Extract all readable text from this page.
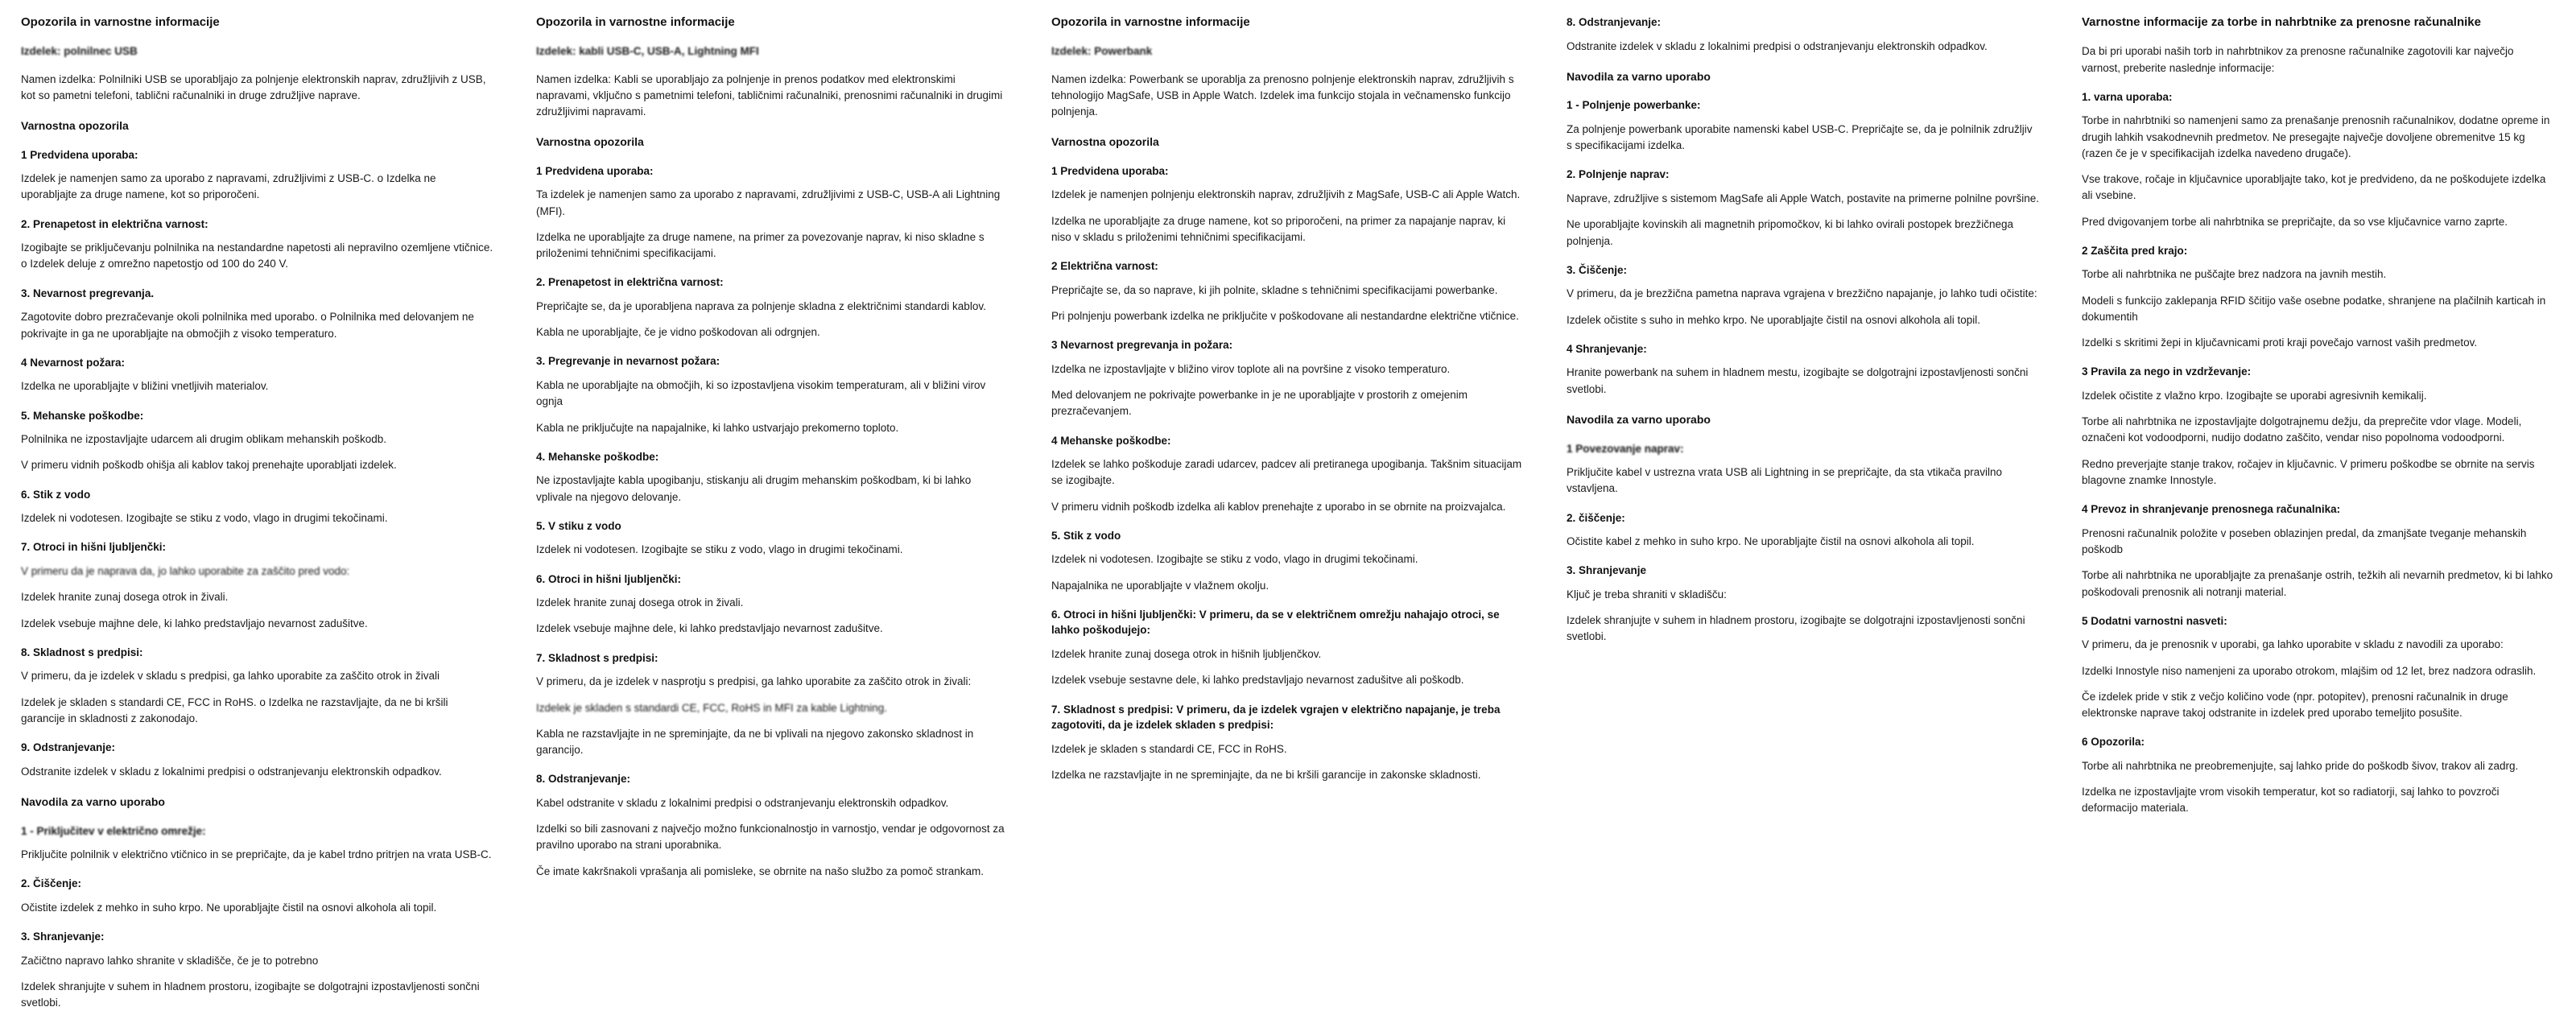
Opozorila in varnostne informacije

Izdelek: polnilnec USB

Namen izdelka: Polnilniki USB se uporabljajo za polnjenje elektronskih naprav, združljivih z USB, kot so pametni telefoni, tablični računalniki in druge združljive naprave.

Varnostna opozorila
1 Predvidena uporaba:

Izdelek je namenjen samo za uporabo z napravami, združljivimi z USB-C. o Izdelka ne uporabljajte za druge namene, kot so priporočeni.

2. Prenapetost in električna varnost:

Izogibajte se priključevanju polnilnika na nestandardne napetosti ali nepravilno ozemljene vtičnice. o Izdelek deluje z omrežno napetostjo od 100 do 240 V.

3. Nevarnost pregrevanja.

Zagotovite dobro prezračevanje okoli polnilnika med uporabo. o Polnilnika med delovanjem ne pokrivajte in ga ne uporabljajte na območjih z visoko temperaturo.

4 Nevarnost požara:

Izdelka ne uporabljajte v bližini vnetljivih materialov.

5. Mehanske poškodbe:

Polnilnika ne izpostavljajte udarcem ali drugim oblikam mehanskih poškodb.

V primeru vidnih poškodb ohišja ali kablov takoj prenehajte uporabljati izdelek.

6. Stik z vodo

Izdelek ni vodotesen. Izogibajte se stiku z vodo, vlago in drugimi tekočinami.

7. Otroci in hišni ljubljenčki:

V primeru da je naprava da, jo lahko uporabite za zaščito pred vodo:

Izdelek hranite zunaj dosega otrok in živali.

Izdelek vsebuje majhne dele, ki lahko predstavljajo nevarnost zadušitve.

8. Skladnost s predpisi:

V primeru, da je izdelek v skladu s predpisi, ga lahko uporabite za zaščito otrok in živali

Izdelek je skladen s standardi CE, FCC in RoHS. o Izdelka ne razstavljajte, da ne bi kršili garancije in skladnosti z zakonodajo.

9. Odstranjevanje:

Odstranite izdelek v skladu z lokalnimi predpisi o odstranjevanju elektronskih odpadkov.

Navodila za varno uporabo
1 - Priključitev v električno omrežje:

Priključite polnilnik v električno vtičnico in se prepričajte, da je kabel trdno pritrjen na vrata USB-C.

2. Čiščenje:

Očistite izdelek z mehko in suho krpo. Ne uporabljajte čistil na osnovi alkohola ali topil.

3. Shranjevanje:

Začičtno napravo lahko shranite v skladišče, če je to potrebno

Izdelek shranjujte v suhem in hladnem prostoru, izogibajte se dolgotrajni izpostavljenosti sončni svetlobi.

Opozorila in varnostne informacije

Izdelek: kabli USB-C, USB-A, Lightning MFI

Namen izdelka: Kabli se uporabljajo za polnjenje in prenos podatkov med elektronskimi napravami, vključno s pametnimi telefoni, tabličnimi računalniki, prenosnimi računalniki in drugimi združljivimi napravami.

Varnostna opozorila
1 Predvidena uporaba:

Ta izdelek je namenjen samo za uporabo z napravami, združljivimi z USB-C, USB-A ali Lightning (MFI).

Izdelka ne uporabljajte za druge namene, na primer za povezovanje naprav, ki niso skladne s priloženimi tehničnimi specifikacijami.

2. Prenapetost in električna varnost:

Prepričajte se, da je uporabljena naprava za polnjenje skladna z električnimi standardi kablov.

Kabla ne uporabljajte, če je vidno poškodovan ali odrgnjen.

3. Pregrevanje in nevarnost požara:

Kabla ne uporabljajte na območjih, ki so izpostavljena visokim temperaturam, ali v bližini virov ognja

Kabla ne priključujte na napajalnike, ki lahko ustvarjajo prekomerno toploto.

4. Mehanske poškodbe:

Ne izpostavljajte kabla upogibanju, stiskanju ali drugim mehanskim poškodbam, ki bi lahko vplivale na njegovo delovanje.

5. V stiku z vodo

Izdelek ni vodotesen. Izogibajte se stiku z vodo, vlago in drugimi tekočinami.

6. Otroci in hišni ljubljenčki:

Izdelek hranite zunaj dosega otrok in živali.

Izdelek vsebuje majhne dele, ki lahko predstavljajo nevarnost zadušitve.

7. Skladnost s predpisi:

V primeru, da je izdelek v nasprotju s predpisi, ga lahko uporabite za zaščito otrok in živali:

Izdelek je skladen s standardi CE, FCC, RoHS in MFI za kable Lightning.

Kabla ne razstavljajte in ne spreminjajte, da ne bi vplivali na njegovo zakonsko skladnost in garancijo.

8. Odstranjevanje:

Kabel odstranite v skladu z lokalnimi predpisi o odstranjevanju elektronskih odpadkov.

Izdelki so bili zasnovani z največjo možno funkcionalnostjo in varnostjo, vendar je odgovornost za pravilno uporabo na strani uporabnika.

Če imate kakršnakoli vprašanja ali pomisleke, se obrnite na našo službo za pomoč strankam.

Opozorila in varnostne informacije

Izdelek: Powerbank

Namen izdelka: Powerbank se uporablja za prenosno polnjenje elektronskih naprav, združljivih s tehnologijo MagSafe, USB in Apple Watch. Izdelek ima funkcijo stojala in večnamensko funkcijo polnjenja.

Varnostna opozorila
1 Predvidena uporaba:

Izdelek je namenjen polnjenju elektronskih naprav, združljivih z MagSafe, USB-C ali Apple Watch.

Izdelka ne uporabljajte za druge namene, kot so priporočeni, na primer za napajanje naprav, ki niso v skladu s priloženimi tehničnimi specifikacijami.

2 Električna varnost:

Prepričajte se, da so naprave, ki jih polnite, skladne s tehničnimi specifikacijami powerbanke.

Pri polnjenju powerbank izdelka ne priključite v poškodovane ali nestandardne električne vtičnice.

3 Nevarnost pregrevanja in požara:

Izdelka ne izpostavljajte v bližino virov toplote ali na površine z visoko temperaturo.

Med delovanjem ne pokrivajte powerbanke in je ne uporabljajte v prostorih z omejenim prezračevanjem.

4 Mehanske poškodbe:

Izdelek se lahko poškoduje zaradi udarcev, padcev ali pretiranega upogibanja. Takšnim situacijam se izogibajte.

V primeru vidnih poškodb izdelka ali kablov prenehajte z uporabo in se obrnite na proizvajalca.

5. Stik z vodo

Izdelek ni vodotesen. Izogibajte se stiku z vodo, vlago in drugimi tekočinami.

Napajalnika ne uporabljajte v vlažnem okolju.

6. Otroci in hišni ljubljenčki: V primeru, da se v električnem omrežju nahajajo otroci, se lahko poškodujejo:

Izdelek hranite zunaj dosega otrok in hišnih ljubljenčkov.

Izdelek vsebuje sestavne dele, ki lahko predstavljajo nevarnost zadušitve ali poškodb.

7. Skladnost s predpisi: V primeru, da je izdelek vgrajen v električno napajanje, je treba zagotoviti, da je izdelek skladen s predpisi:

Izdelek je skladen s standardi CE, FCC in RoHS.

Izdelka ne razstavljajte in ne spreminjajte, da ne bi kršili garancije in zakonske skladnosti.

8. Odstranjevanje:

Odstranite izdelek v skladu z lokalnimi predpisi o odstranjevanju elektronskih odpadkov.

Navodila za varno uporabo
1 - Polnjenje powerbanke:

Za polnjenje powerbank uporabite namenski kabel USB-C. Prepričajte se, da je polnilnik združljiv s specifikacijami izdelka.

2. Polnjenje naprav:

Naprave, združljive s sistemom MagSafe ali Apple Watch, postavite na primerne polnilne površine.

Ne uporabljajte kovinskih ali magnetnih pripomočkov, ki bi lahko ovirali postopek brezžičnega polnjenja.

3. Čiščenje:

V primeru, da je brezžična pametna naprava vgrajena v brezžično napajanje, jo lahko tudi očistite:

Izdelek očistite s suho in mehko krpo. Ne uporabljajte čistil na osnovi alkohola ali topil.

4 Shranjevanje:

Hranite powerbank na suhem in hladnem mestu, izogibajte se dolgotrajni izpostavljenosti sončni svetlobi.

Navodila za varno uporabo
1 Povezovanje naprav:

Priključite kabel v ustrezna vrata USB ali Lightning in se prepričajte, da sta vtikača pravilno vstavljena.

2. čiščenje:

Očistite kabel z mehko in suho krpo. Ne uporabljajte čistil na osnovi alkohola ali topil.

3. Shranjevanje

Ključ je treba shraniti v skladišču:

Izdelek shranjujte v suhem in hladnem prostoru, izogibajte se dolgotrajni izpostavljenosti sončni svetlobi.

Varnostne informacije za torbe in nahrbtnike za prenosne računalnike

Da bi pri uporabi naših torb in nahrbtnikov za prenosne računalnike zagotovili kar največjo varnost, preberite naslednje informacije:

1. varna uporaba:

Torbe in nahrbtniki so namenjeni samo za prenašanje prenosnih računalnikov, dodatne opreme in drugih lahkih vsakodnevnih predmetov. Ne presegajte največje dovoljene obremenitve 15 kg (razen če je v specifikacijah izdelka navedeno drugače).

Vse trakove, ročaje in ključavnice uporabljajte tako, kot je predvideno, da ne poškodujete izdelka ali vsebine.

Pred dvigovanjem torbe ali nahrbtnika se prepričajte, da so vse ključavnice varno zaprte.

2 Zaščita pred krajo:

Torbe ali nahrbtnika ne puščajte brez nadzora na javnih mestih.

Modeli s funkcijo zaklepanja RFID ščitijo vaše osebne podatke, shranjene na plačilnih karticah in dokumentih

Izdelki s skritimi žepi in ključavnicami proti kraji povečajo varnost vaših predmetov.

3 Pravila za nego in vzdrževanje:

Izdelek očistite z vlažno krpo. Izogibajte se uporabi agresivnih kemikalij.

Torbe ali nahrbtnika ne izpostavljajte dolgotrajnemu dežju, da preprečite vdor vlage. Modeli, označeni kot vodoodporni, nudijo dodatno zaščito, vendar niso popolnoma vodoodporni.

Redno preverjajte stanje trakov, ročajev in ključavnic. V primeru poškodbe se obrnite na servis blagovne znamke Innostyle.

4 Prevoz in shranjevanje prenosnega računalnika:

Prenosni računalnik položite v poseben oblazinjen predal, da zmanjšate tveganje mehanskih poškodb

Torbe ali nahrbtnika ne uporabljajte za prenašanje ostrih, težkih ali nevarnih predmetov, ki bi lahko poškodovali prenosnik ali notranji material.

5 Dodatni varnostni nasveti:

V primeru, da je prenosnik v uporabi, ga lahko uporabite v skladu z navodili za uporabo:

Izdelki Innostyle niso namenjeni za uporabo otrokom, mlajšim od 12 let, brez nadzora odraslih.

Če izdelek pride v stik z večjo količino vode (npr. potopitev), prenosni računalnik in druge elektronske naprave takoj odstranite in izdelek pred uporabo temeljito posušite.

6 Opozorila:

Torbe ali nahrbtnika ne preobremenjujte, saj lahko pride do poškodb šivov, trakov ali zadrg.

Izdelka ne izpostavljajte vrom visokih temperatur, kot so radiatorji, saj lahko to povzroči deformacijo materiala.
